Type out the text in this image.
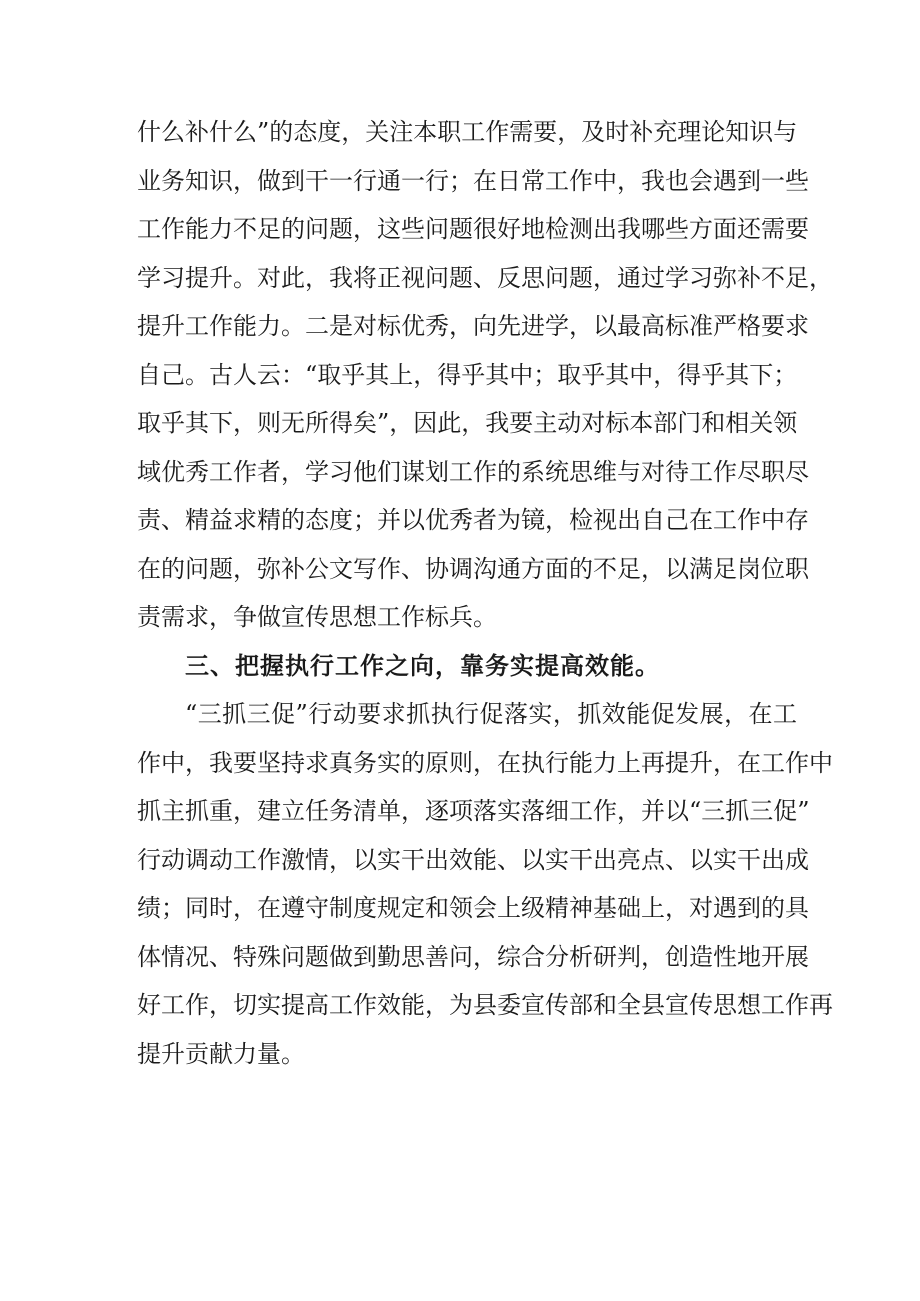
什么补什么”的态度，关注本职工作需要，及时补充理论知识与
业务知识，做到干一行通一行；在日常工作中，我也会遇到一些
工作能力不足的问题，这些问题很好地检测出我哪些方面还需要
学习提升。对此，我将正视问题、反思问题，通过学习弥补不足，
提升工作能力。二是对标优秀，向先进学，以最高标准严格要求
自己。古人云：“取乎其上，得乎其中；取乎其中，得乎其下；
取乎其下，则无所得矣”，因此，我要主动对标本部门和相关领
域优秀工作者，学习他们谋划工作的系统思维与对待工作尽职尽
责、精益求精的态度；并以优秀者为镜，检视出自己在工作中存
在的问题，弥补公文写作、协调沟通方面的不足，以满足岗位职
责需求，争做宣传思想工作标兵。
三、把握执行工作之向，靠务实提高效能。
“三抓三促”行动要求抓执行促落实，抓效能促发展，在工
作中，我要坚持求真务实的原则，在执行能力上再提升，在工作中
抓主抓重，建立任务清单，逐项落实落细工作，并以“三抓三促”
行动调动工作激情，以实干出效能、以实干出亮点、以实干出成
绩；同时，在遵守制度规定和领会上级精神基础上，对遇到的具
体情况、特殊问题做到勤思善问，综合分析研判，创造性地开展
好工作，切实提高工作效能，为县委宣传部和全县宣传思想工作再
提升贡献力量。
